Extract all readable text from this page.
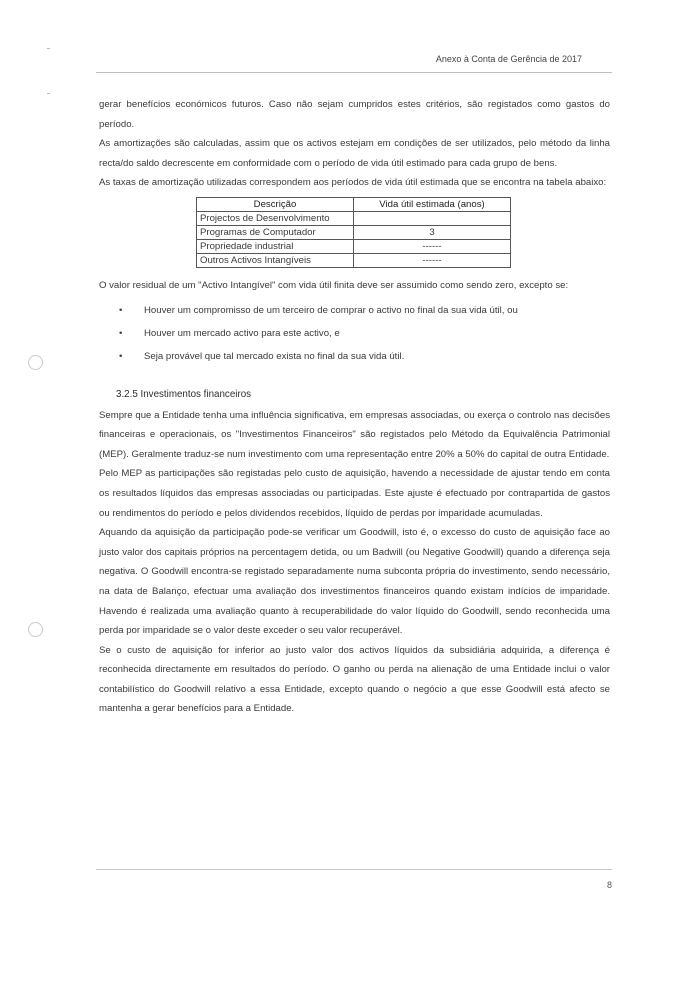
Anexo à Conta de Gerência de 2017

gerar benefícios económicos futuros. Caso não sejam cumpridos estes critérios, são registados como gastos do período.

As amortizações são calculadas, assim que os activos estejam em condições de ser utilizados, pelo método da linha recta/do saldo decrescente em conformidade com o período de vida útil estimado para cada grupo de bens.

As taxas de amortização utilizadas correspondem aos períodos de vida útil estimada que se encontra na tabela abaixo:

Descrição	Vida útil estimada (anos)
Projectos de Desenvolvimento	
Programas de Computador	3
Propriedade industrial	------
Outros Activos Intangíveis	------

O valor residual de um "Activo Intangível" com vida útil finita deve ser assumido como sendo zero, excepto se:

• Houver um compromisso de um terceiro de comprar o activo no final da sua vida útil, ou
• Houver um mercado activo para este activo, e
• Seja provável que tal mercado exista no final da sua vida útil.
3.2.5 Investimentos financeiros

Sempre que a Entidade tenha uma influência significativa, em empresas associadas, ou exerça o controlo nas decisões financeiras e operacionais, os "Investimentos Financeiros" são registados pelo Método da Equivalência Patrimonial (MEP). Geralmente traduz-se num investimento com uma representação entre 20% a 50% do capital de outra Entidade.

Pelo MEP as participações são registadas pelo custo de aquisição, havendo a necessidade de ajustar tendo em conta os resultados líquidos das empresas associadas ou participadas. Este ajuste é efectuado por contrapartida de gastos ou rendimentos do período e pelos dividendos recebidos, líquido de perdas por imparidade acumuladas.

Aquando da aquisição da participação pode-se verificar um Goodwill, isto é, o excesso do custo de aquisição face ao justo valor dos capitais próprios na percentagem detida, ou um Badwill (ou Negative Goodwill) quando a diferença seja negativa. O Goodwill encontra-se registado separadamente numa subconta própria do investimento, sendo necessário, na data de Balanço, efectuar uma avaliação dos investimentos financeiros quando existam indícios de imparidade. Havendo é realizada uma avaliação quanto à recuperabilidade do valor líquido do Goodwill, sendo reconhecida uma perda por imparidade se o valor deste exceder o seu valor recuperável.

Se o custo de aquisição for inferior ao justo valor dos activos líquidos da subsidiária adquirida, a diferença é reconhecida directamente em resultados do período. O ganho ou perda na alienação de uma Entidade inclui o valor contabilístico do Goodwill relativo a essa Entidade, excepto quando o negócio a que esse Goodwill está afecto se mantenha a gerar benefícios para a Entidade.

8
